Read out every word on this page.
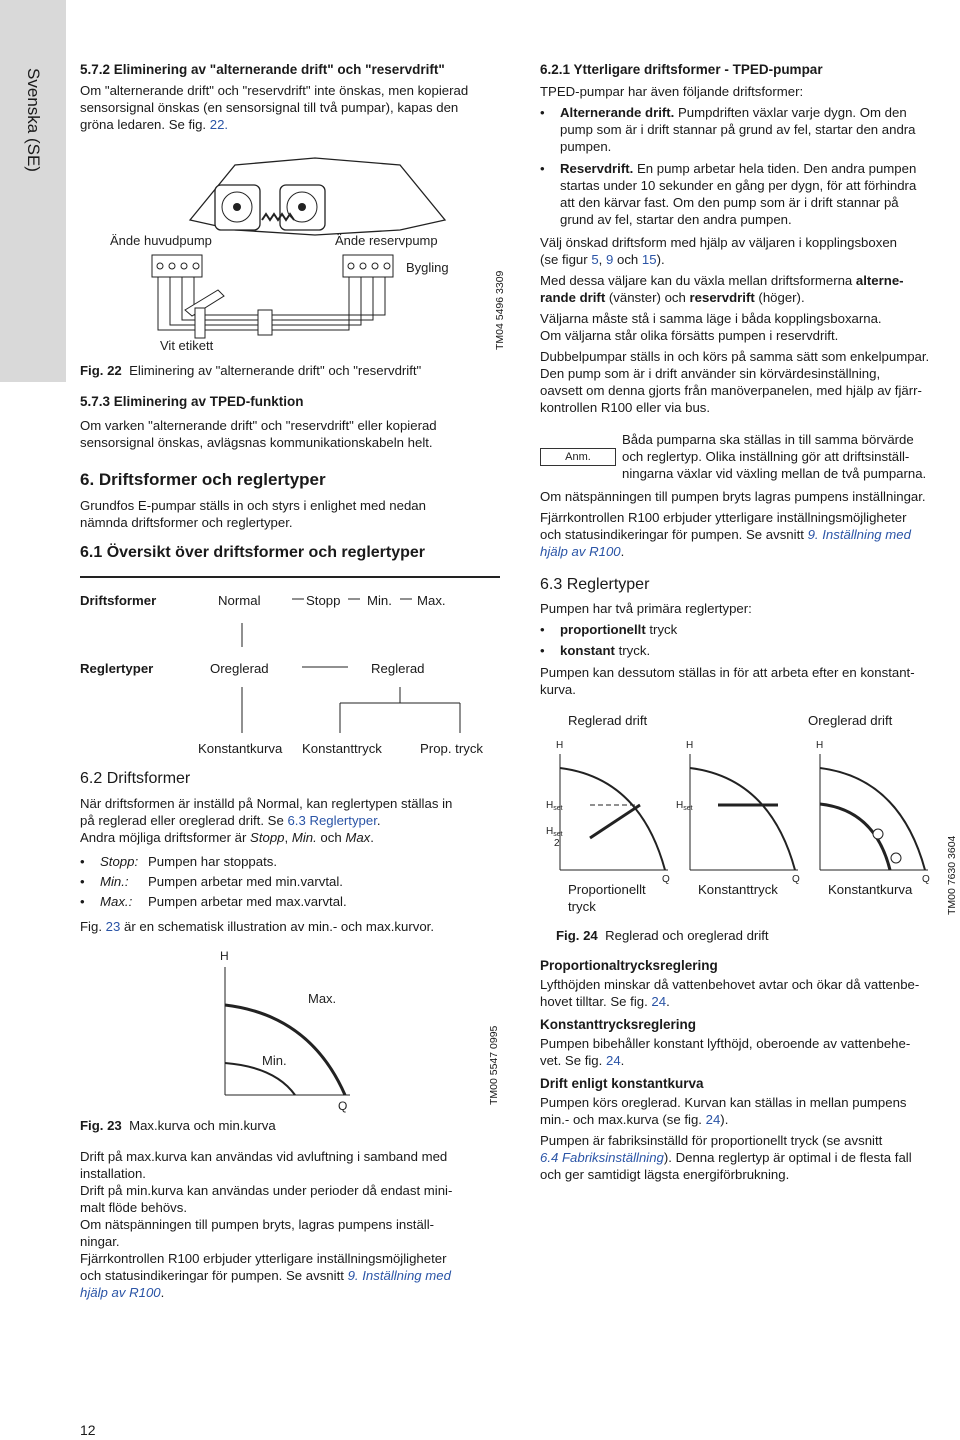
Svenska (SE)	5.7.2 Eliminering av "alternerande drift" och "reservdrift"
Om "alternerande drift" och "reservdrift" inte önskas, men kopierad
sensorsignal önskas (en sensorsignal till två pumpar), kapas den
gröna ledaren. Se fig. 22.
Ände huvudpump	Ände reservpump
Bygling
Vit etikett	TM04 5496 3309
Fig. 22 Eliminering av "alternerande drift" och "reservdrift"
5.7.3 Eliminering av TPED-funktion
Om varken "alternerande drift" och "reservdrift" eller kopierad
sensorsignal önskas, avlägsnas kommunikationskabeln helt.
6. Driftsformer och reglertyper
Grundfos E-pumpar ställs in och styrs i enlighet med nedan
nämnda driftsformer och reglertyper.
6.1 Översikt över driftsformer och reglertyper
Driftsformer	Normal	Stopp Min. Max.
Reglertyper	Oreglerad	Reglerad
Konstantkurva Konstanttryck	Prop. tryck
6.2 Driftsformer
När driftsformen är inställd på Normal, kan reglertypen ställas in
på reglerad eller oreglerad drift. Se 6.3 Reglertyper.
Andra möjliga driftsformer är Stopp, Min. och Max.
• Stopp: Pumpen har stoppats.
• Min.: Pumpen arbetar med min.varvtal.
• Max.: Pumpen arbetar med max.varvtal.
Fig. 23 är en schematisk illustration av min.- och max.kurvor.
H
Max.
Min.
Q
TM00 5547 0995
Fig. 23 Max.kurva och min.kurva
Drift på max.kurva kan användas vid avluftning i samband med
installation.
Drift på min.kurva kan användas under perioder då endast mini-
malt flöde behövs.
Om nätspänningen till pumpen bryts, lagras pumpens inställ-
ningar.
Fjärrkontrollen R100 erbjuder ytterligare inställningsmöjligheter
och statusindikeringar för pumpen. Se avsnitt 9. Inställning med
hjälp av R100.
12
6.2.1 Ytterligare driftsformer - TPED-pumpar
TPED-pumpar har även följande driftsformer:
• Alternerande drift. Pumpdriften växlar varje dygn. Om den
pump som är i drift stannar på grund av fel, startar den andra
pumpen.
• Reservdrift. En pump arbetar hela tiden. Den andra pumpen
startas under 10 sekunder en gång per dygn, för att förhindra
att den kärvar fast. Om den pump som är i drift stannar på
grund av fel, startar den andra pumpen.
Välj önskad driftsform med hjälp av väljaren i kopplingsboxen
(se figur 5, 9 och 15).
Med dessa väljare kan du växla mellan driftsformerna alterne-
rande drift (vänster) och reservdrift (höger).
Väljarna måste stå i samma läge i båda kopplingsboxarna.
Om väljarna står olika försätts pumpen i reservdrift.
Dubbelpumpar ställs in och körs på samma sätt som enkelpumpar.
Den pump som är i drift använder sin körvärdesinställning,
oavsett om denna gjorts från manöverpanelen, med hjälp av fjärr-
kontrollen R100 eller via bus.
Anm.
Båda pumparna ska ställas in till samma börvärde
och reglertyp. Olika inställning gör att driftsinställ-
ningarna växlar vid växling mellan de två pumparna.
Om nätspänningen till pumpen bryts lagras pumpens inställningar.
Fjärrkontrollen R100 erbjuder ytterligare inställningsmöjligheter
och statusindikeringar för pumpen. Se avsnitt 9. Inställning med
hjälp av R100.
6.3 Reglertyper
Pumpen har två primära reglertyper:
• proportionellt tryck
• konstant tryck.
Pumpen kan dessutom ställas in för att arbeta efter en konstant-
kurva.
Reglerad drift	Oreglerad drift
H
$H_{set}$
$H_{set}$
2
Q
Proportionellt
tryck
H
$H_{set}$
Q
Konstanttryck
H
Q
Konstantkurva	TM00 7630 3604
Fig. 24 Reglerad och oreglerad drift
Proportionaltrycksreglering
Lyfthöjden minskar då vattenbehovet avtar och ökar då vattenbe-
hovet tilltar. Se fig. 24.
Konstanttrycksreglering
Pumpen bibehåller konstant lyfthöjd, oberoende av vattenbehe-
vet. Se fig. 24.
Drift enligt konstantkurva
Pumpen körs oreglerad. Kurvan kan ställas in mellan pumpens
min.- och max.kurva (se fig. 24).
Pumpen är fabriksinställd för proportionellt tryck (se avsnitt
6.4 Fabriksinställning). Denna reglertyp är optimal i de flesta fall
och ger samtidigt lägsta energiförbrukning.
